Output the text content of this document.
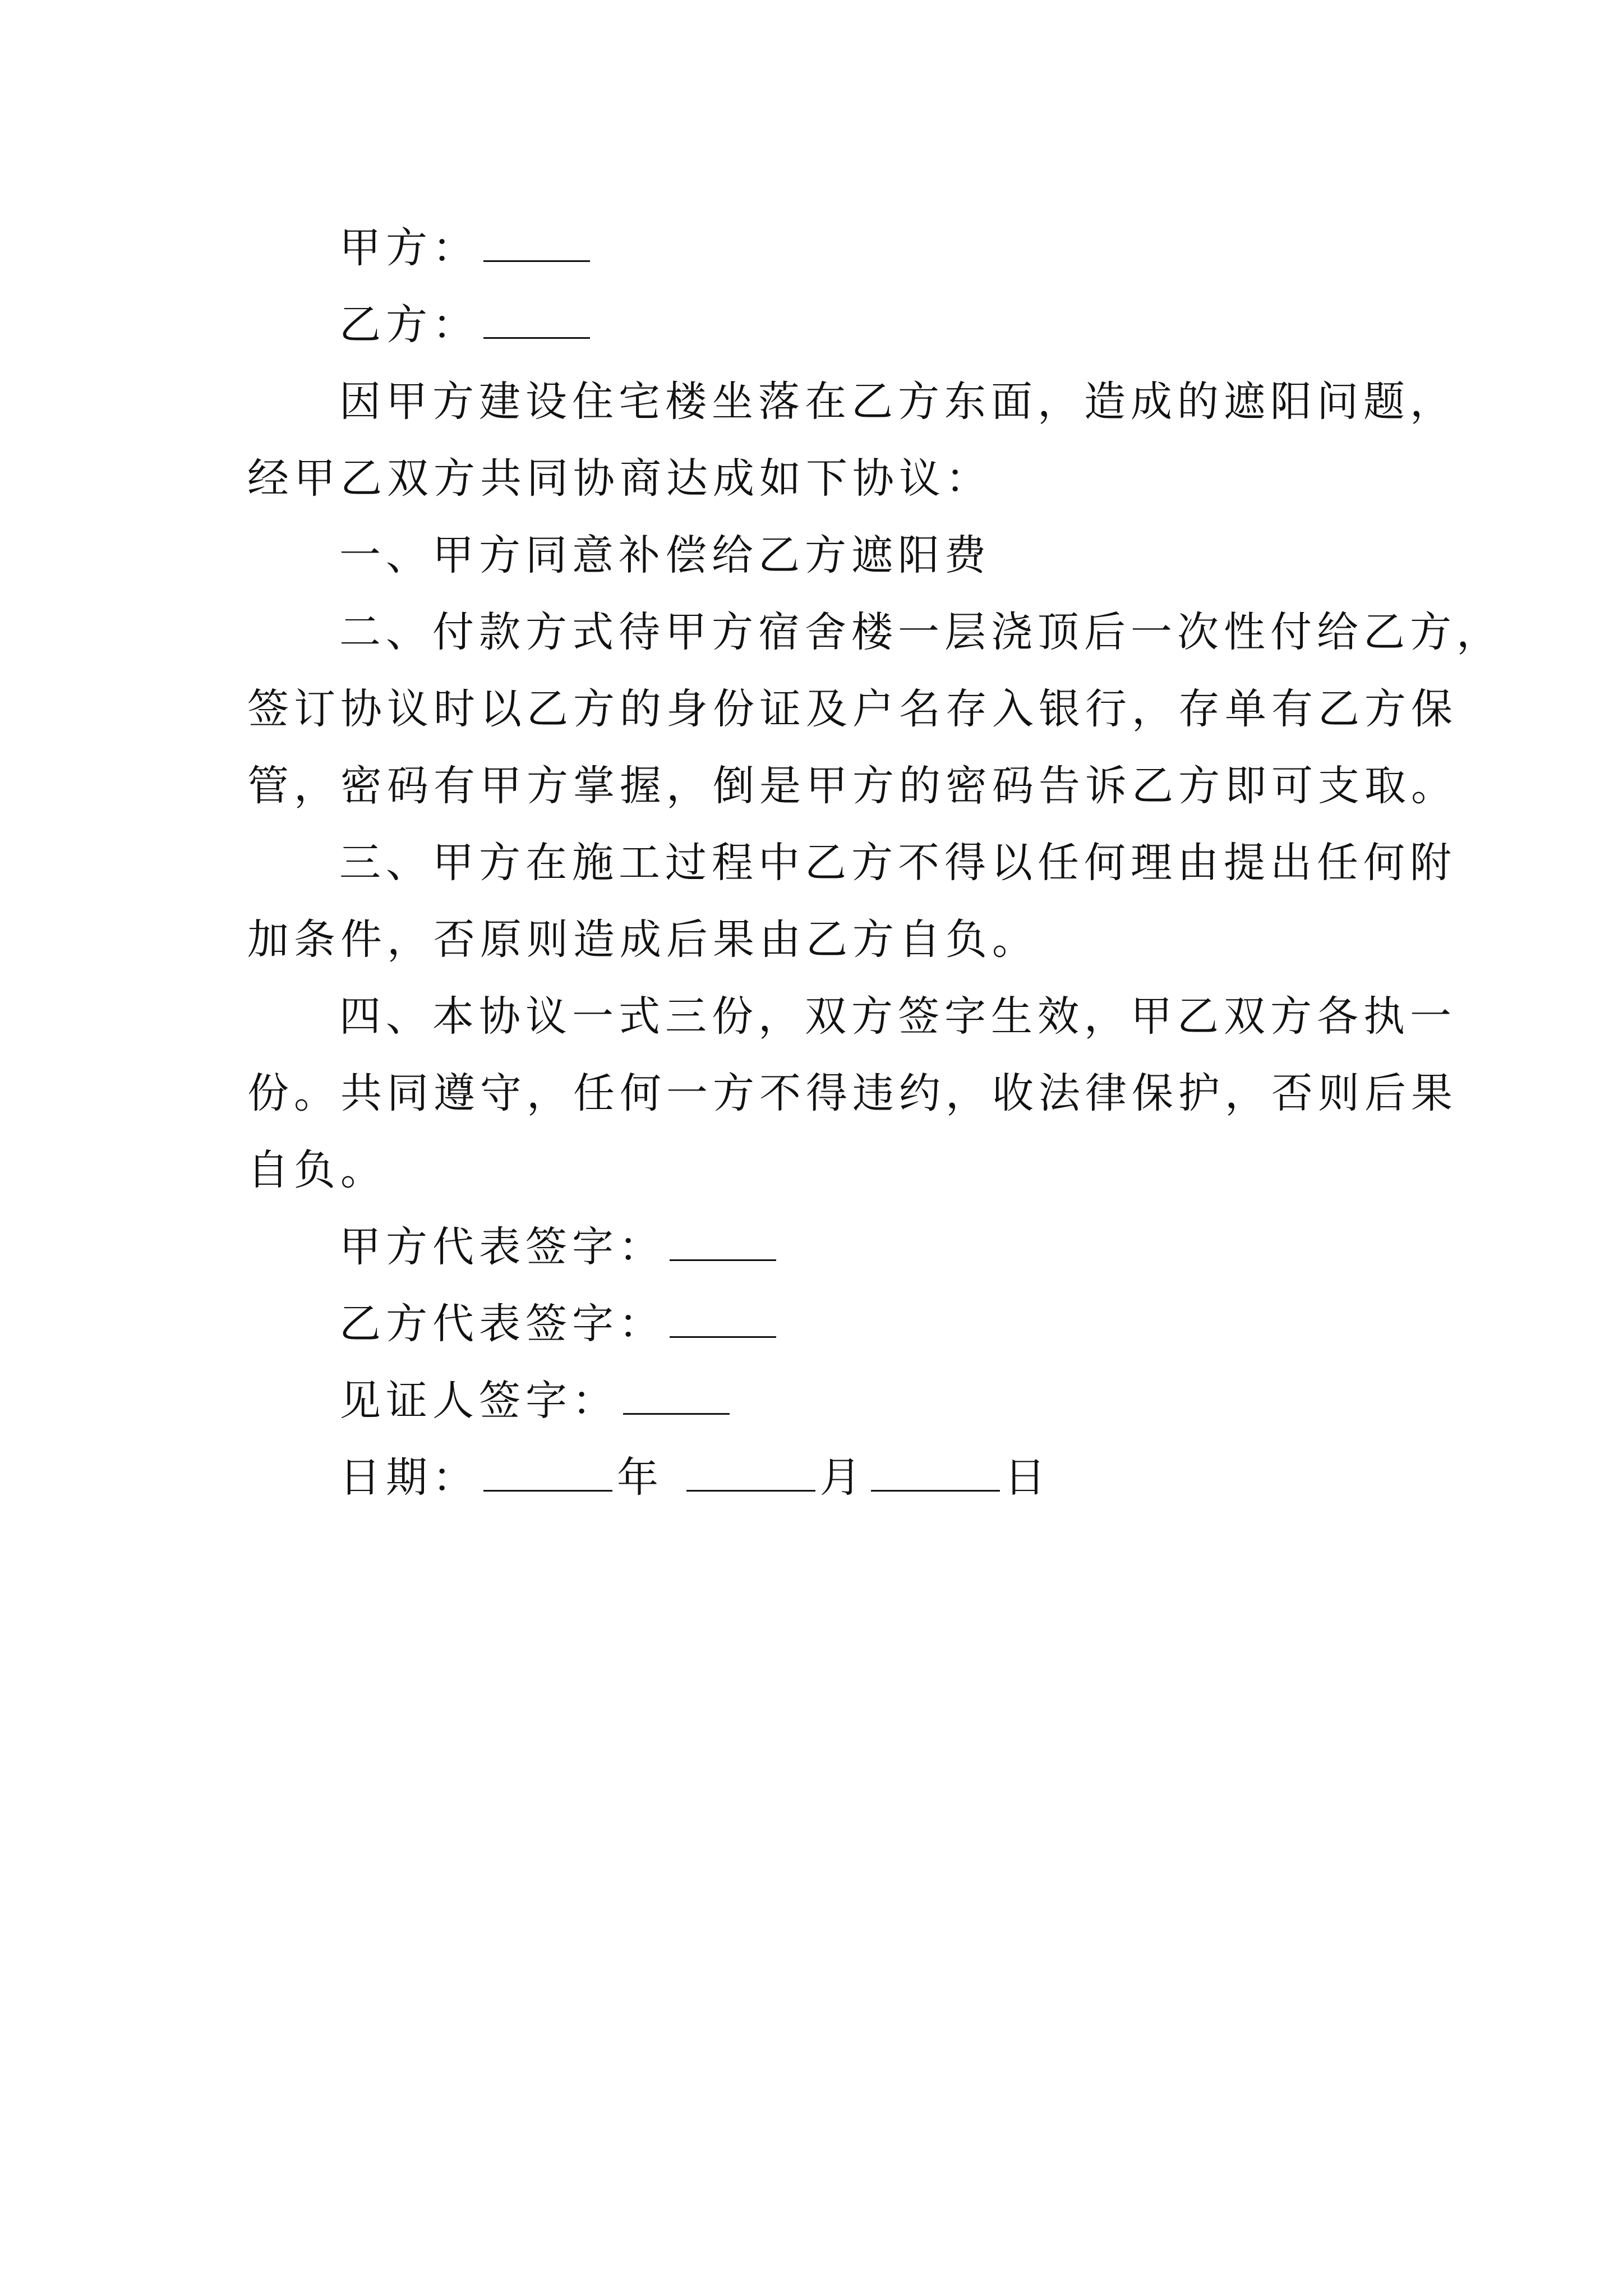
甲方：
乙方：
因甲方建设住宅楼坐落在乙方东面，造成的遮阳问题，
经甲乙双方共同协商达成如下协议：
一、甲方同意补偿给乙方遮阳费
二、付款方式待甲方宿舍楼一层浇顶后一次性付给乙方，
签订协议时以乙方的身份证及户名存入银行，存单有乙方保
管，密码有甲方掌握，倒是甲方的密码告诉乙方即可支取。
三、甲方在施工过程中乙方不得以任何理由提出任何附
加条件，否原则造成后果由乙方自负。
四、本协议一式三份，双方签字生效，甲乙双方各执一
份。共同遵守，任何一方不得违约，收法律保护，否则后果
自负。
甲方代表签字：
乙方代表签字：
见证人签字：
日期：	年	月	日
